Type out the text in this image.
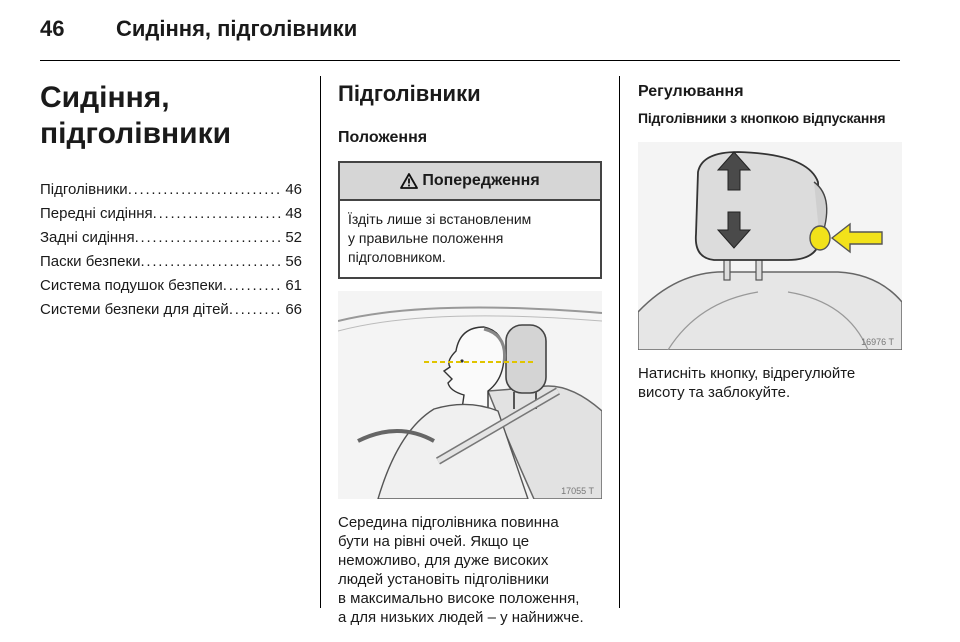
46	Сидіння, підголівники
Сидіння,
підголівники
Підголівники . . .	46
Передні сидіння . . .	48
Задні сидіння . . .	52
Паски безпеки . . .	56
Система подушок безпеки . . .	61
Системи безпеки для дітей . . .	66
Підголівники
Положення
Попередження
Їздіть лише зі встановленим
у правильне положення
підголовником.
17055 T
Середина підголівника повинна
бути на рівні очей. Якщо це
неможливо, для дуже високих
людей установіть підголівники
в максимально високе положення,
а для низьких людей – у найнижче.
Регулювання
Підголівники з кнопкою відпускання
16976 T
Натисніть кнопку, відрегулюйте
висоту та заблокуйте.
